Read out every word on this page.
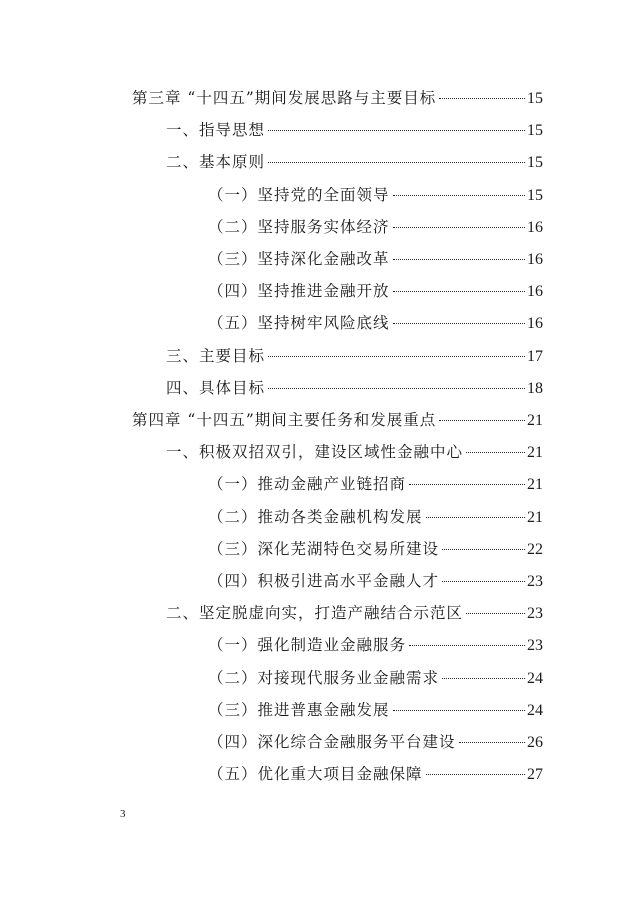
第三章 “十四五”期间发展思路与主要目标	15
一、指导思想	15
二、基本原则	15
（一）坚持党的全面领导	15
（二）坚持服务实体经济	16
（三）坚持深化金融改革	16
（四）坚持推进金融开放	16
（五）坚持树牢风险底线	16
三、主要目标	17
四、具体目标	18
第四章 “十四五”期间主要任务和发展重点	21
一、积极双招双引，建设区域性金融中心	21
（一）推动金融产业链招商	21
（二）推动各类金融机构发展	21
（三）深化芜湖特色交易所建设	22
（四）积极引进高水平金融人才	23
二、坚定脱虚向实，打造产融结合示范区	23
（一）强化制造业金融服务	23
（二）对接现代服务业金融需求	24
（三）推进普惠金融发展	24
（四）深化综合金融服务平台建设	26
（五）优化重大项目金融保障	27
3
